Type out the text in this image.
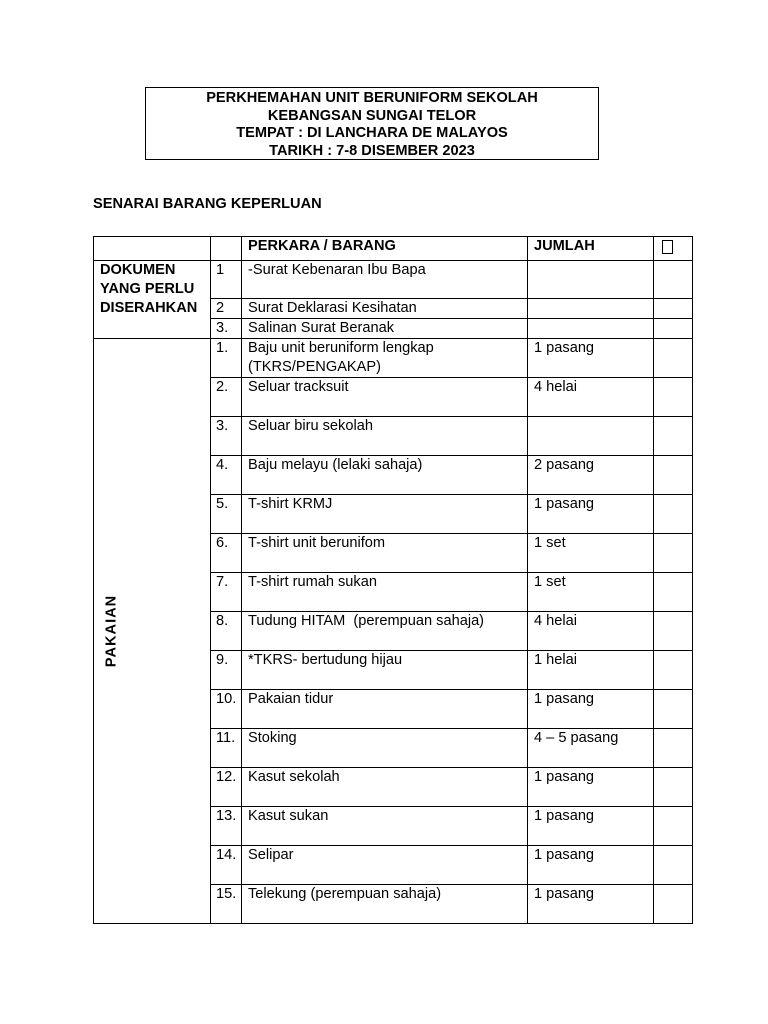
PERKHEMAHAN UNIT BERUNIFORM SEKOLAH
KEBANGSAN SUNGAI TELOR
TEMPAT : DI LANCHARA DE MALAYOS
TARIKH : 7-8 DISEMBER 2023
SENARAI BARANG KEPERLUAN
		PERKARA / BARANG	JUMLAH	

DOKUMEN
YANG PERLU
DISERAHKAN	1	-Surat Kebenaran Ibu Bapa		
	2	Surat Deklarasi Kesihatan		
	3.	Salinan Surat Beranak		

PAKAIAN	1.	Baju unit beruniform lengkap
(TKRS/PENGAKAP)	1 pasang	
	2.	Seluar tracksuit	4 helai	
	3.	Seluar biru sekolah		
	4.	Baju melayu (lelaki sahaja)	2 pasang	
	5.	T-shirt KRMJ	1 pasang	
	6.	T-shirt unit berunifom	1 set	
	7.	T-shirt rumah sukan	1 set	
	8.	Tudung HITAM  (perempuan sahaja)	4 helai	
	9.	*TKRS- bertudung hijau	1 helai	
	10.	Pakaian tidur	1 pasang	
	11.	Stoking	4 – 5 pasang	
	12.	Kasut sekolah	1 pasang	
	13.	Kasut sukan	1 pasang	
	14.	Selipar	1 pasang	
	15.	Telekung (perempuan sahaja)	1 pasang	
